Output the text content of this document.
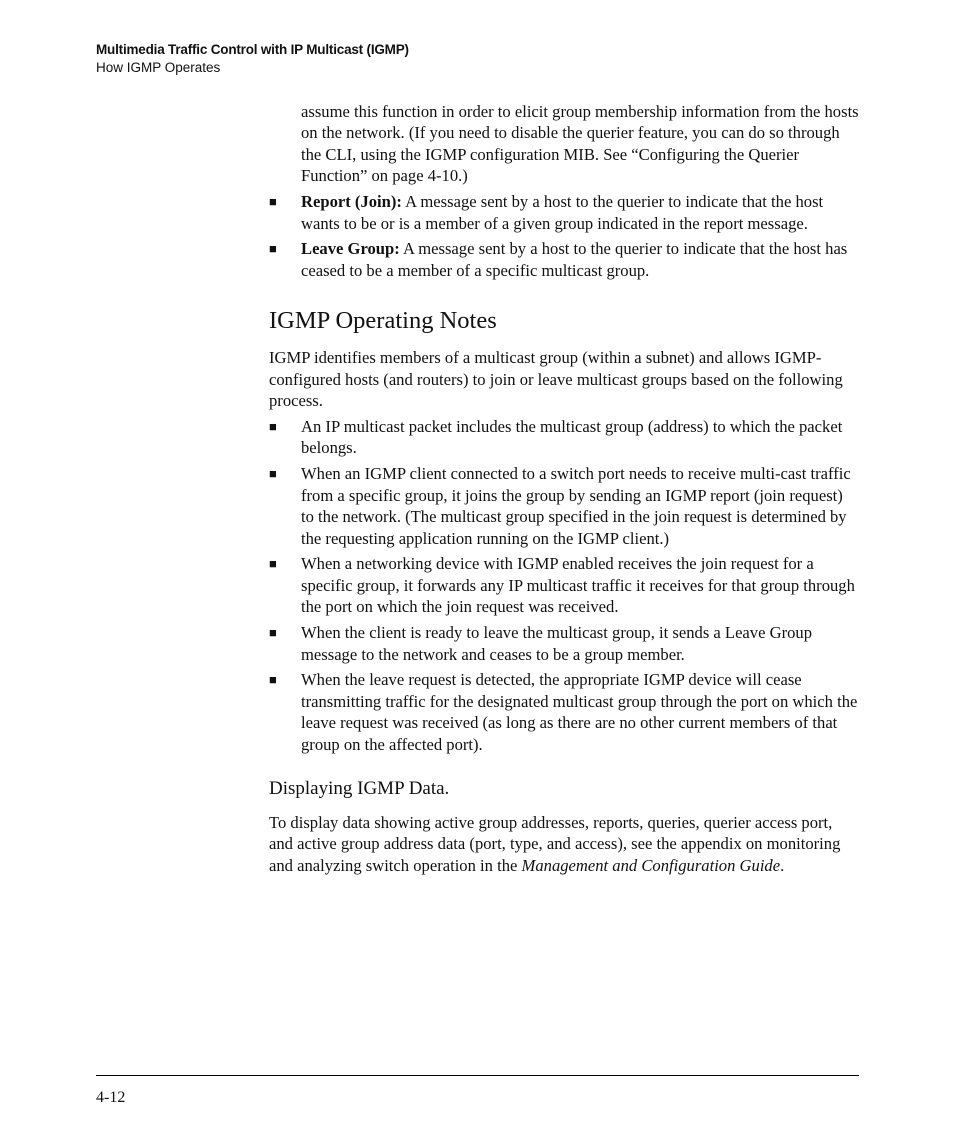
Multimedia Traffic Control with IP Multicast (IGMP)
How IGMP Operates

assume this function in order to elicit group membership information from the hosts on the network. (If you need to disable the querier feature, you can do so through the CLI, using the IGMP configuration MIB. See “Configuring the Querier Function” on page 4-10.)

■ Report (Join): A message sent by a host to the querier to indicate that the host wants to be or is a member of a given group indicated in the report message.
■ Leave Group: A message sent by a host to the querier to indicate that the host has ceased to be a member of a specific multicast group.
IGMP Operating Notes

IGMP identifies members of a multicast group (within a subnet) and allows IGMP-configured hosts (and routers) to join or leave multicast groups based on the following process.

■ An IP multicast packet includes the multicast group (address) to which the packet belongs.
■ When an IGMP client connected to a switch port needs to receive multi-cast traffic from a specific group, it joins the group by sending an IGMP report (join request) to the network. (The multicast group specified in the join request is determined by the requesting application running on the IGMP client.)
■ When a networking device with IGMP enabled receives the join request for a specific group, it forwards any IP multicast traffic it receives for that group through the port on which the join request was received.
■ When the client is ready to leave the multicast group, it sends a Leave Group message to the network and ceases to be a group member.
■ When the leave request is detected, the appropriate IGMP device will cease transmitting traffic for the designated multicast group through the port on which the leave request was received (as long as there are no other current members of that group on the affected port).
Displaying IGMP Data.

To display data showing active group addresses, reports, queries, querier access port, and active group address data (port, type, and access), see the appendix on monitoring and analyzing switch operation in the Management and Configuration Guide.

4-12
